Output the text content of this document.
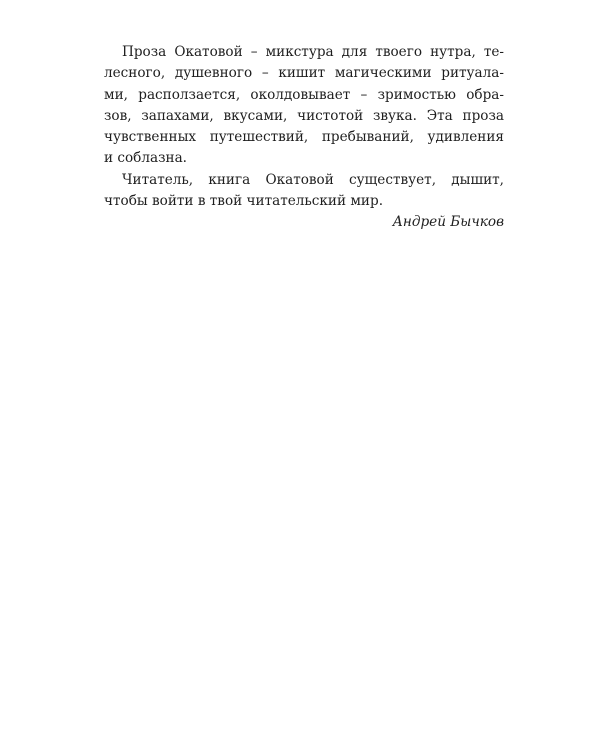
Проза Окатовой – микстура для твоего нутра, те-
лесного, душевного – кишит магическими ритуала-
ми, расползается, околдовывает – зримостью обра-
зов, запахами, вкусами, чистотой звука. Эта проза
чувственных путешествий, пребываний, удивления
и соблазна.
Читатель, книга Окатовой существует, дышит,
чтобы войти в твой читательский мир.
Андрей Бычков
